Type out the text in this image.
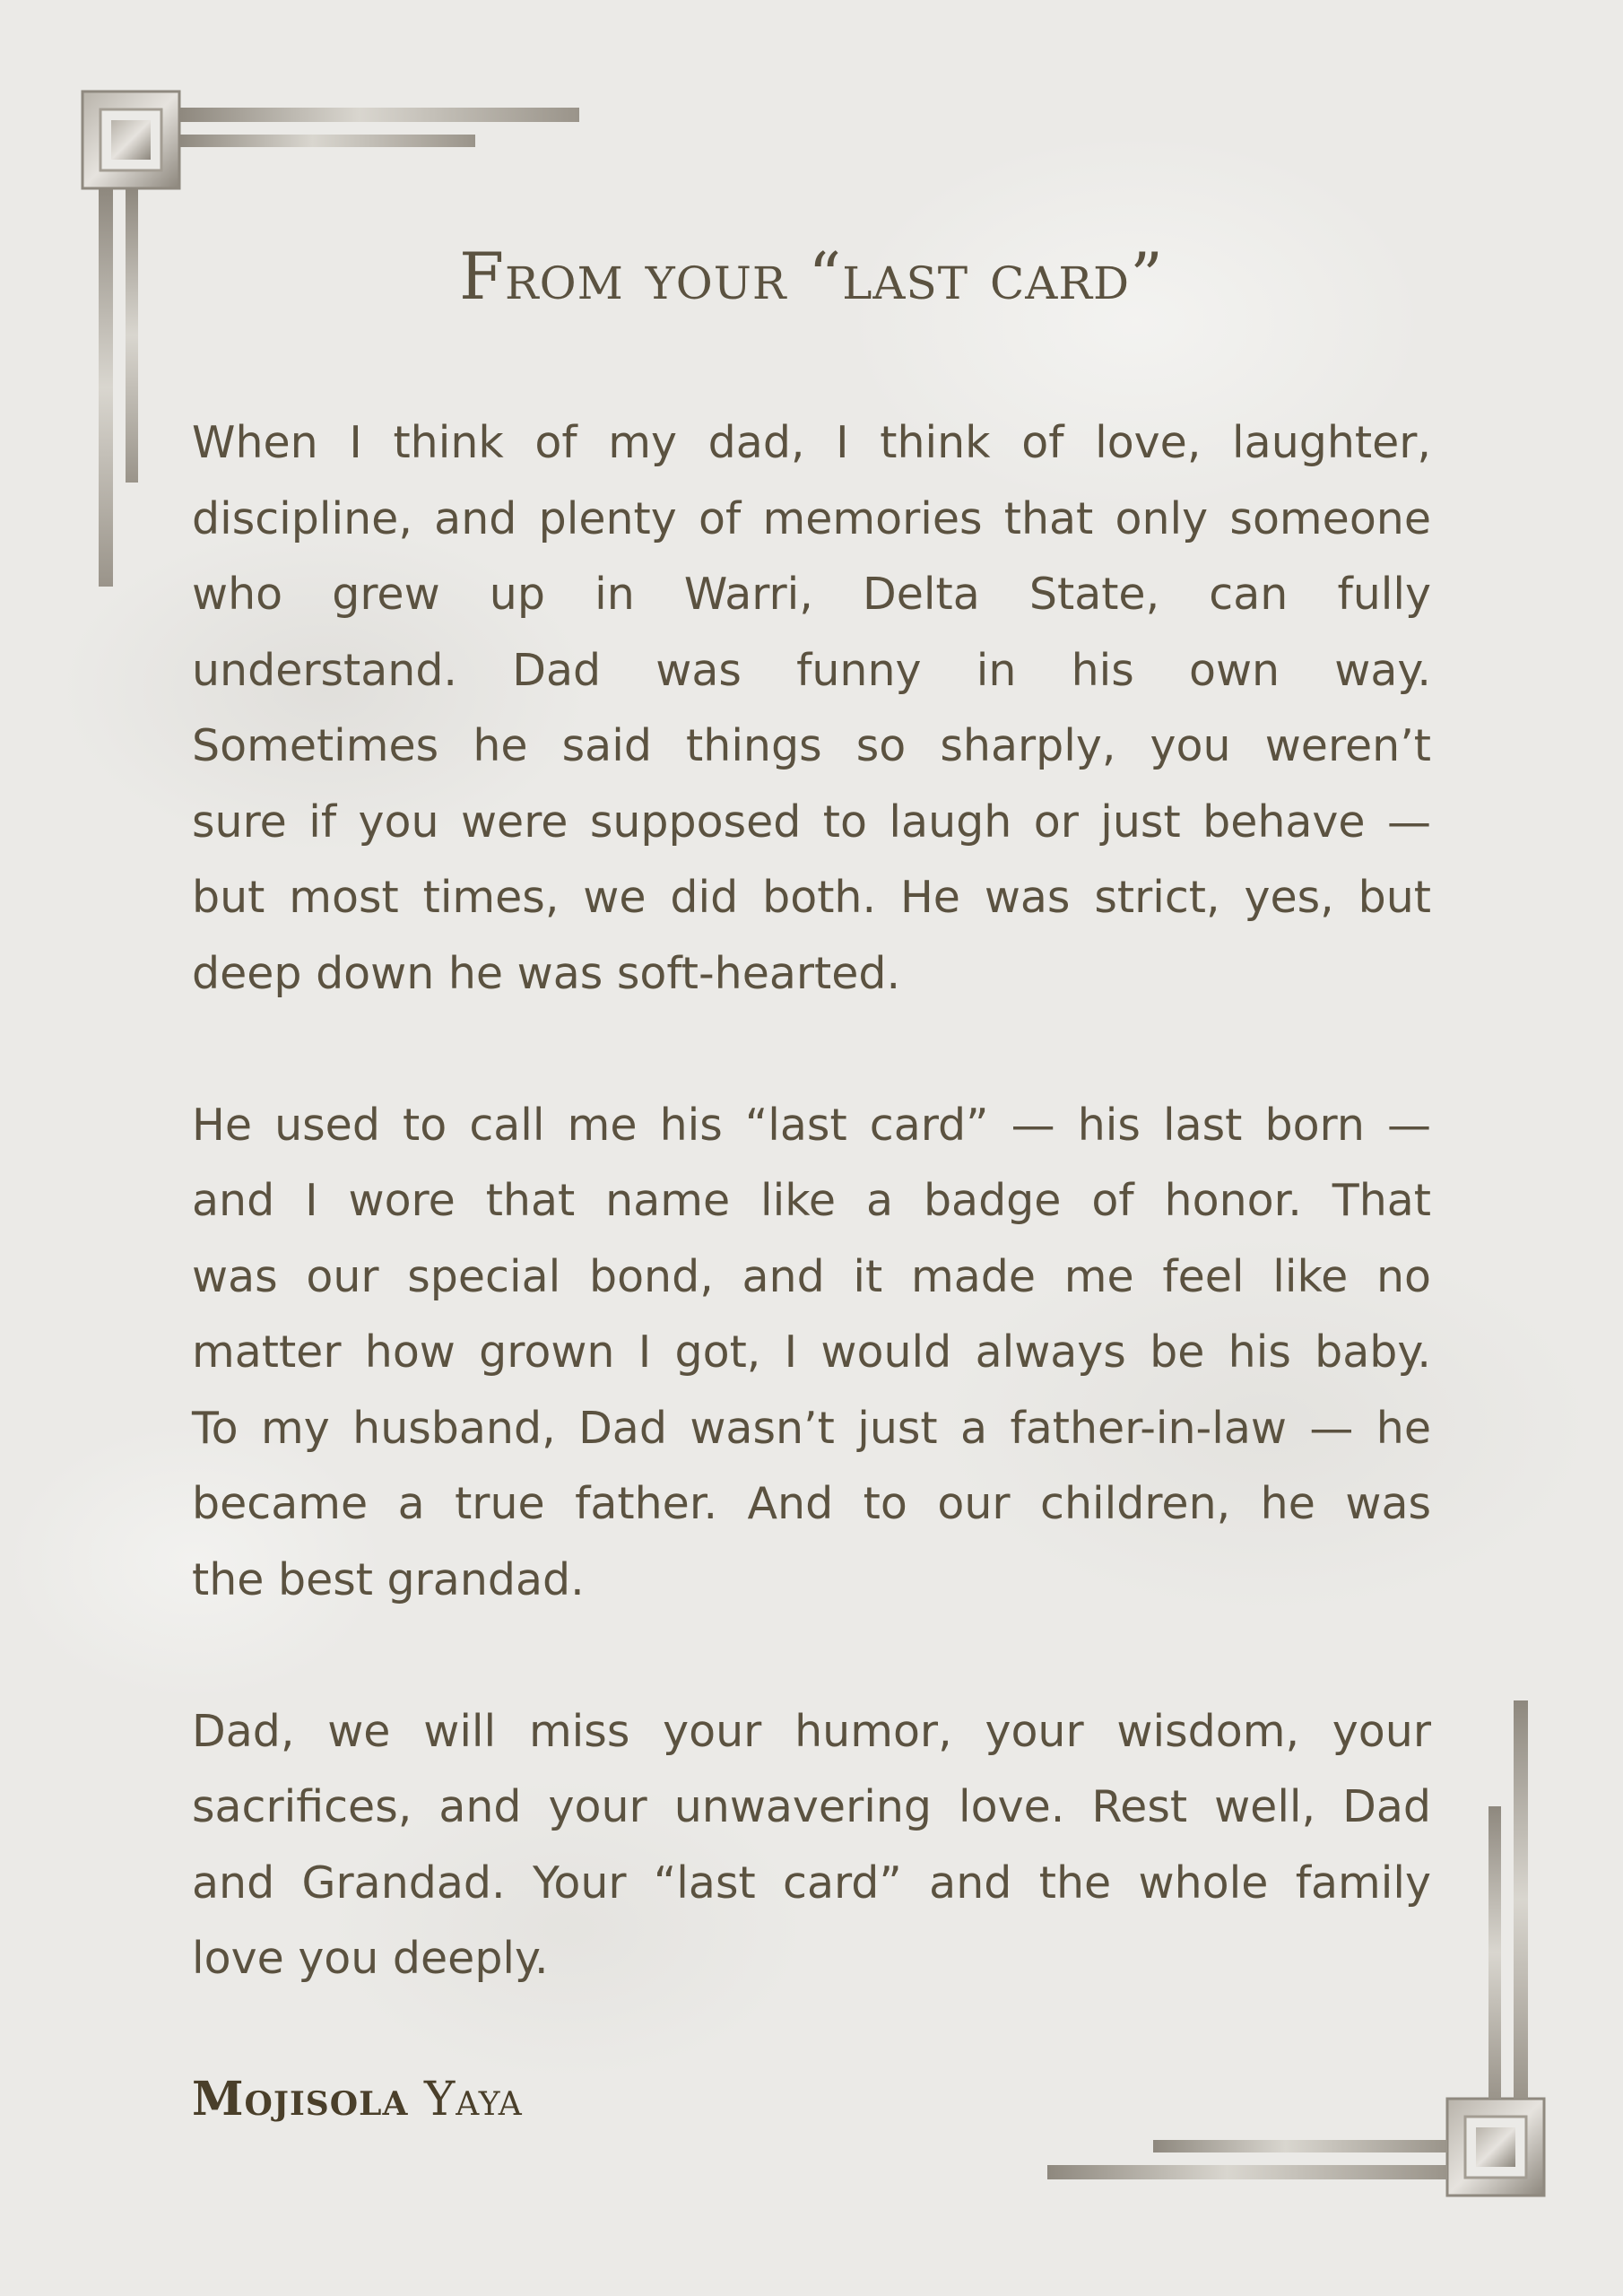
From your “last card”

When I think of my dad, I think of love, laughter,
discipline, and plenty of memories that only someone
who grew up in Warri, Delta State, can fully
understand. Dad was funny in his own way.
Sometimes he said things so sharply, you weren’t
sure if you were supposed to laugh or just behave —
but most times, we did both. He was strict, yes, but
deep down he was soft-hearted.

He used to call me his “last card” — his last born —
and I wore that name like a badge of honor. That
was our special bond, and it made me feel like no
matter how grown I got, I would always be his baby.
To my husband, Dad wasn’t just a father-in-law — he
became a true father. And to our children, he was
the best grandad.

Dad, we will miss your humor, your wisdom, your
sacrifices, and your unwavering love. Rest well, Dad
and Grandad. Your “last card” and the whole family
love you deeply.

Mojisola Yaya
